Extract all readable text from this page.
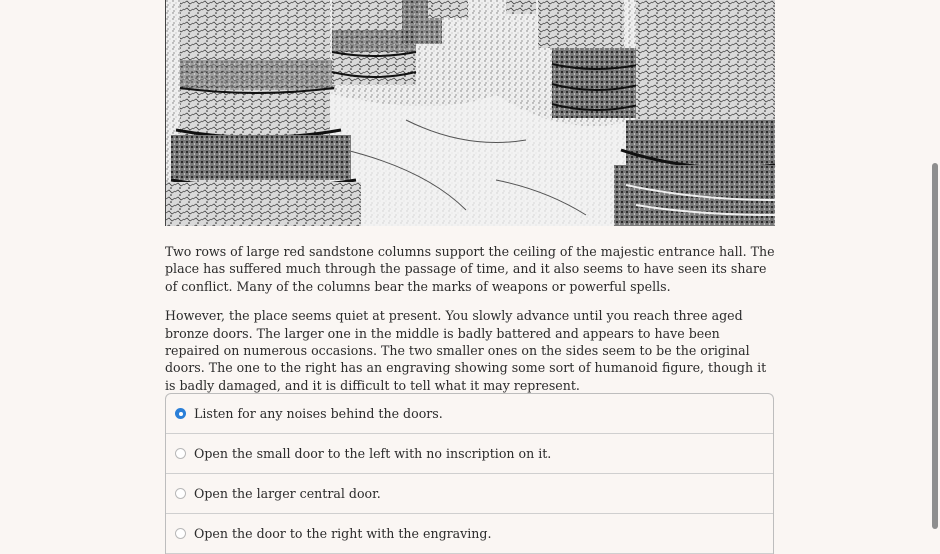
Two rows of large red sandstone columns support the ceiling of the majestic entrance hall. The place has suffered much through the passage of time, and it also seems to have seen its share of conflict. Many of the columns bear the marks of weapons or powerful spells.

However, the place seems quiet at present. You slowly advance until you reach three aged bronze doors. The larger one in the middle is badly battered and appears to have been repaired on numerous occasions. The two smaller ones on the sides seem to be the original doors. The one to the right has an engraving showing some sort of humanoid figure, though it is badly damaged, and it is difficult to tell what it may represent.

Listen for any noises behind the doors.
Open the small door to the left with no inscription on it.
Open the larger central door.
Open the door to the right with the engraving.
